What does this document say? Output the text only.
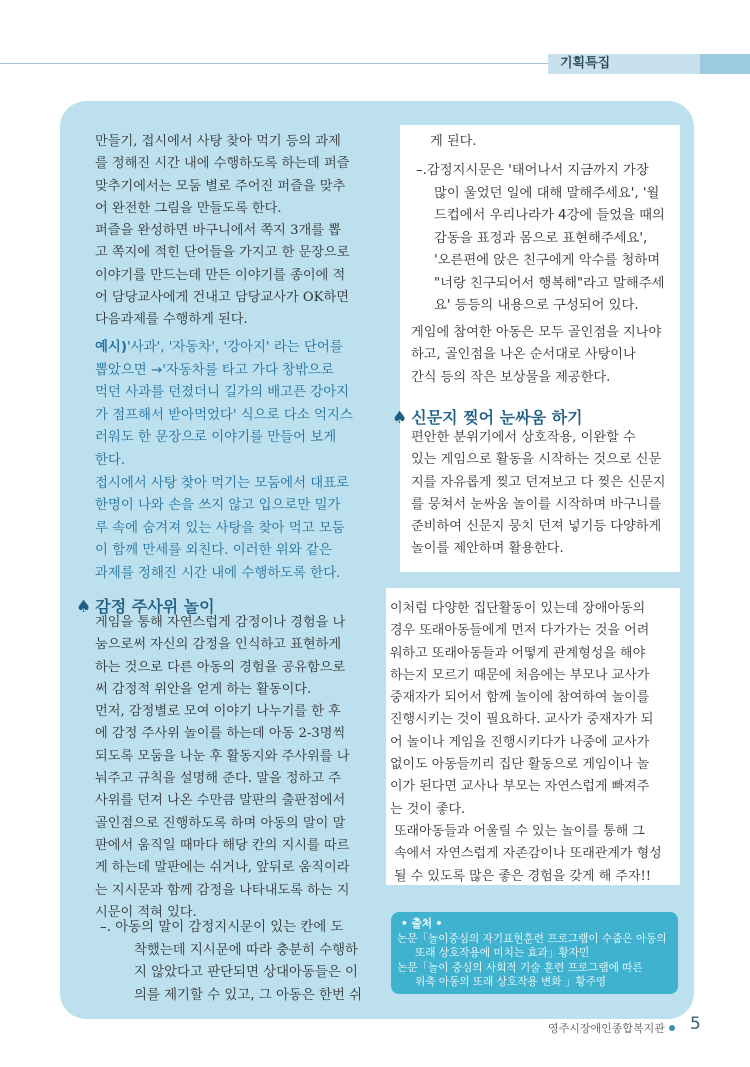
기획특집
만들기, 접시에서 사탕 찾아 먹기 등의 과제
를 정해진 시간 내에 수행하도록 하는데 퍼즐
맞추기에서는 모둠 별로 주어진 퍼즐을 맞추
어 완전한 그림을 만들도록 한다.
퍼즐을 완성하면 바구니에서 쪽지 3개를 뽑
고 쪽지에 적힌 단어들을 가지고 한 문장으로
이야기를 만드는데 만든 이야기를 종이에 적
어 담당교사에게 건내고 담당교사가 OK하면
다음과제를 수행하게 된다.
예시)'사과', '자동차', '강아지' 라는 단어를
뽑았으면 →'자동차를 타고 가다 창밖으로
먹던 사과를 던졌더니 길가의 배고픈 강아지
가 점프해서 받아먹었다' 식으로 다소 억지스
러워도 한 문장으로 이야기를 만들어 보게
한다.
접시에서 사탕 찾아 먹기는 모둠에서 대표로
한명이 나와 손을 쓰지 않고 입으로만 밀가
루 속에 숨겨져 있는 사탕을 찾아 먹고 모둠
이 함께 만세를 외친다. 이러한 위와 같은
과제를 정해진 시간 내에 수행하도록 한다.
♠ 감정 주사위 놀이
게임을 통해 자연스럽게 감정이나 경험을 나
눔으로써 자신의 감정을 인식하고 표현하게
하는 것으로 다른 아동의 경험을 공유함으로
써 감정적 위안을 얻게 하는 활동이다.
먼저, 감정별로 모여 이야기 나누기를 한 후
에 감정 주사위 놀이를 하는데 아동 2-3명씩
되도록 모둠을 나눈 후 활동지와 주사위를 나
눠주고 규칙을 설명해 준다. 말을 정하고 주
사위를 던져 나온 수만큼 말판의 출판점에서
골인점으로 진행하도록 하며 아동의 말이 말
판에서 움직일 때마다 해당 칸의 지시를 따르
게 하는데 말판에는 쉬거나, 앞뒤로 움직이라
는 지시문과 함께 감정을 나타내도록 하는 지
시문이 적혀 있다.
–. 아동의 말이 감정지시문이 있는 칸에 도
착했는데 지시문에 따라 충분히 수행하
지 않았다고 판단되면 상대아동들은 이
의를 제기할 수 있고, 그 아동은 한번 쉬

게 된다.

–.감정지시문은 '태어나서 지금까지 가장
많이 울었던 일에 대해 말해주세요', '월
드컵에서 우리나라가 4강에 들었을 때의
감동을 표정과 몸으로 표현해주세요',
'오른편에 앉은 친구에게 악수를 청하며
"너랑 친구되어서 행복해"라고 말해주세
요' 등등의 내용으로 구성되어 있다.
게임에 참여한 아동은 모두 골인점을 지나야
하고, 골인점을 나온 순서대로 사탕이나
간식 등의 작은 보상물을 제공한다.
♠ 신문지 찢어 눈싸움 하기
편안한 분위기에서 상호작용, 이완할 수
있는 게임으로 활동을 시작하는 것으로 신문
지를 자유롭게 찢고 던져보고 다 찢은 신문지
를 뭉쳐서 눈싸움 놀이를 시작하며 바구니를
준비하여 신문지 뭉치 던져 넣기등 다양하게
놀이를 제안하며 활용한다.
이처럼 다양한 집단활동이 있는데 장애아동의
경우 또래아동들에게 먼저 다가가는 것을 어려
워하고 또래아동들과 어떻게 관계형성을 해야
하는지 모르기 때문에 처음에는 부모나 교사가
중재자가 되어서 함께 놀이에 참여하여 놀이를
진행시키는 것이 필요하다. 교사가 중재자가 되
어 놀이나 게임을 진행시키다가 나중에 교사가
없이도 아동들끼리 집단 활동으로 게임이나 놀
이가 된다면 교사나 부모는 자연스럽게 빠져주
는 것이 좋다.
또래아동들과 어울릴 수 있는 놀이를 통해 그
속에서 자연스럽게 자존감이나 또래관계가 형성
될 수 있도록 많은 좋은 경험을 갖게 해 주자!!
• 출처 •
논문「놀이중심의 자기표현훈련 프로그램이 수줍은 아동의
또래 상호작용에 미치는 효과」황자민
논문「놀이 중심의 사회적 기술 훈련 프로그램에 따른
위축 아동의 또래 상호작용 변화 」황주영
영주시장애인종합복지관	5
